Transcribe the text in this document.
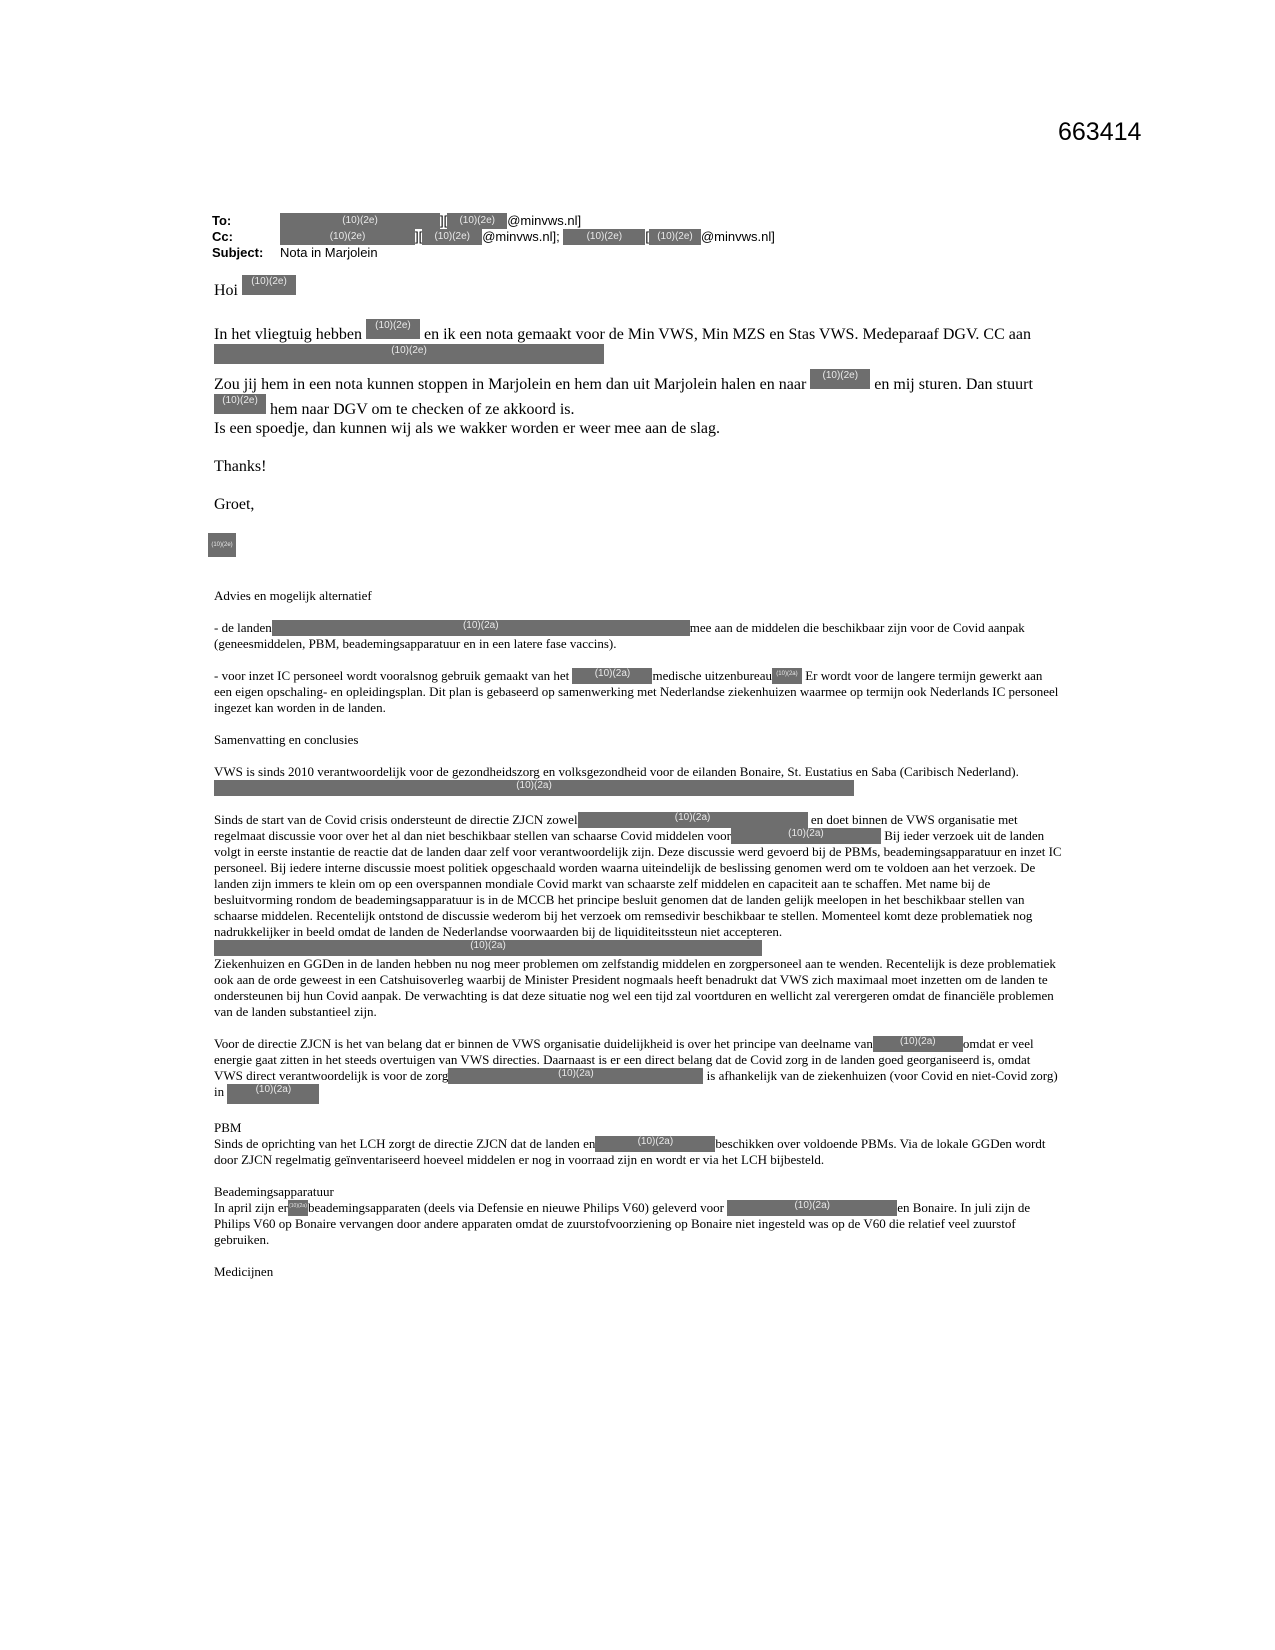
663414
To:	(10)(2e)	][	(10)(2e) @minvws.nl]
Cc:	(10)(2e)	][	(10)(2e) @minvws.nl];
	(10)(2e)	[ (10)(2e) @minvws.nl]
Subject:	Nota in Marjolein

Hoi (10)(2e)

In het vliegtuig hebben (10)(2e) en ik een nota gemaakt voor de Min VWS, Min MZS en Stas VWS. Medeparaaf DGV. CC aan (10)(2e)

Zou jij hem in een nota kunnen stoppen in Marjolein en hem dan uit Marjolein halen en naar (10)(2e) en mij sturen. Dan stuurt (10)(2e) hem naar DGV om te checken of ze akkoord is.

Is een spoedje, dan kunnen wij als we wakker worden er weer mee aan de slag.

Thanks!

Groet,

(10)(2e)

Advies en mogelijk alternatief

- de landen	(10)(2a)	mee aan de middelen die beschikbaar zijn voor de Covid aanpak (geneesmiddelen, PBM, beademingsapparatuur en in een latere fase vaccins).

- voor inzet IC personeel wordt vooralsnog gebruik gemaakt van het	(10)(2a) medische uitzenbureau (10)(2a) Er wordt voor de langere termijn gewerkt aan een eigen opschaling- en opleidingsplan. Dit plan is gebaseerd op samenwerking met Nederlandse ziekenhuizen waarmee op termijn ook Nederlands IC personeel ingezet kan worden in de landen.

Samenvatting en conclusies

VWS is sinds 2010 verantwoordelijk voor de gezondheidszorg en volksgezondheid voor de eilanden Bonaire, St. Eustatius en Saba (Caribisch Nederland).(10)(2a)

Sinds de start van de Covid crisis ondersteunt de directie ZJCN zowel	(10)(2a)	en doet binnen de VWS organisatie met regelmaat discussie voor over het al dan niet beschikbaar stellen van schaarse Covid middelen voor	(10)(2a)	Bij ieder verzoek uit de landen volgt in eerste instantie de reactie dat de landen daar zelf voor verantwoordelijk zijn. Deze discussie werd gevoerd bij de PBMs, beademingsapparatuur en inzet IC personeel. Bij iedere interne discussie moest politiek opgeschaald worden waarna uiteindelijk de beslissing genomen werd om te voldoen aan het verzoek. De landen zijn immers te klein om op een overspannen mondiale Covid markt van schaarste zelf middelen en capaciteit aan te schaffen. Met name bij de besluitvorming rondom de beademingsapparatuur is in de MCCB het principe besluit genomen dat de landen gelijk meelopen in het beschikbaar stellen van schaarse middelen. Recentelijk ontstond de discussie wederom bij het verzoek om remsedivir beschikbaar te stellen. Momenteel komt deze problematiek nog nadrukkelijker in beeld omdat de landen de Nederlandse voorwaarden bij de liquiditeitssteun niet accepteren. (10)(2a)

Ziekenhuizen en GGDen in de landen hebben nu nog meer problemen om zelfstandig middelen en zorgpersoneel aan te wenden. Recentelijk is deze problematiek ook aan de orde geweest in een Catshuisoverleg waarbij de Minister President nogmaals heeft benadrukt dat VWS zich maximaal moet inzetten om de landen te ondersteunen bij hun Covid aanpak. De verwachting is dat deze situatie nog wel een tijd zal voortduren en wellicht zal verergeren omdat de financiële problemen van de landen substantieel zijn.

Voor de directie ZJCN is het van belang dat er binnen de VWS organisatie duidelijkheid is over het principe van deelname van	(10)(2a) omdat er veel energie gaat zitten in het steeds overtuigen van VWS directies. Daarnaast is er een direct belang dat de Covid zorg in de landen goed georganiseerd is, omdat VWS direct verantwoordelijk is voor de zorg	(10)(2a)	is afhankelijk van de ziekenhuizen (voor Covid en niet-Covid zorg) in	(10)(2a)

PBM

Sinds de oprichting van het LCH zorgt de directie ZJCN dat de landen en	(10)(2a)	beschikken over voldoende PBMs. Via de lokale GGDen wordt door ZJCN regelmatig geïnventariseerd hoeveel middelen er nog in voorraad zijn en wordt er via het LCH bijbesteld.

Beademingsapparatuur

In april zijn er(10)(2a)beademingsapparaten (deels via Defensie en nieuwe Philips V60) geleverd voor	(10)(2a)	en Bonaire. In juli zijn de Philips V60 op Bonaire vervangen door andere apparaten omdat de zuurstofvoorziening op Bonaire niet ingesteld was op de V60 die relatief veel zuurstof gebruiken.

Medicijnen
